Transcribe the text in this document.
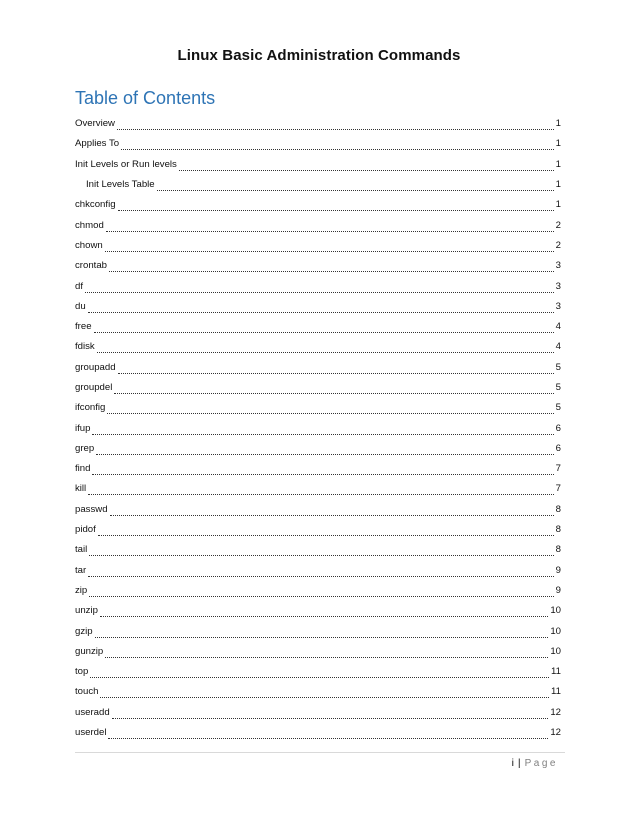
Linux Basic Administration Commands
Table of Contents
Overview	1
Applies To	1
Init Levels or Run levels	1
Init Levels Table	1
chkconfig	1
chmod	2
chown	2
crontab	3
df	3
du	3
free	4
fdisk	4
groupadd	5
groupdel	5
ifconfig	5
ifup	6
grep	6
find	7
kill	7
passwd	8
pidof	8
tail	8
tar	9
zip	9
unzip	10
gzip	10
gunzip	10
top	11
touch	11
useradd	12
userdel	12
i | Page
